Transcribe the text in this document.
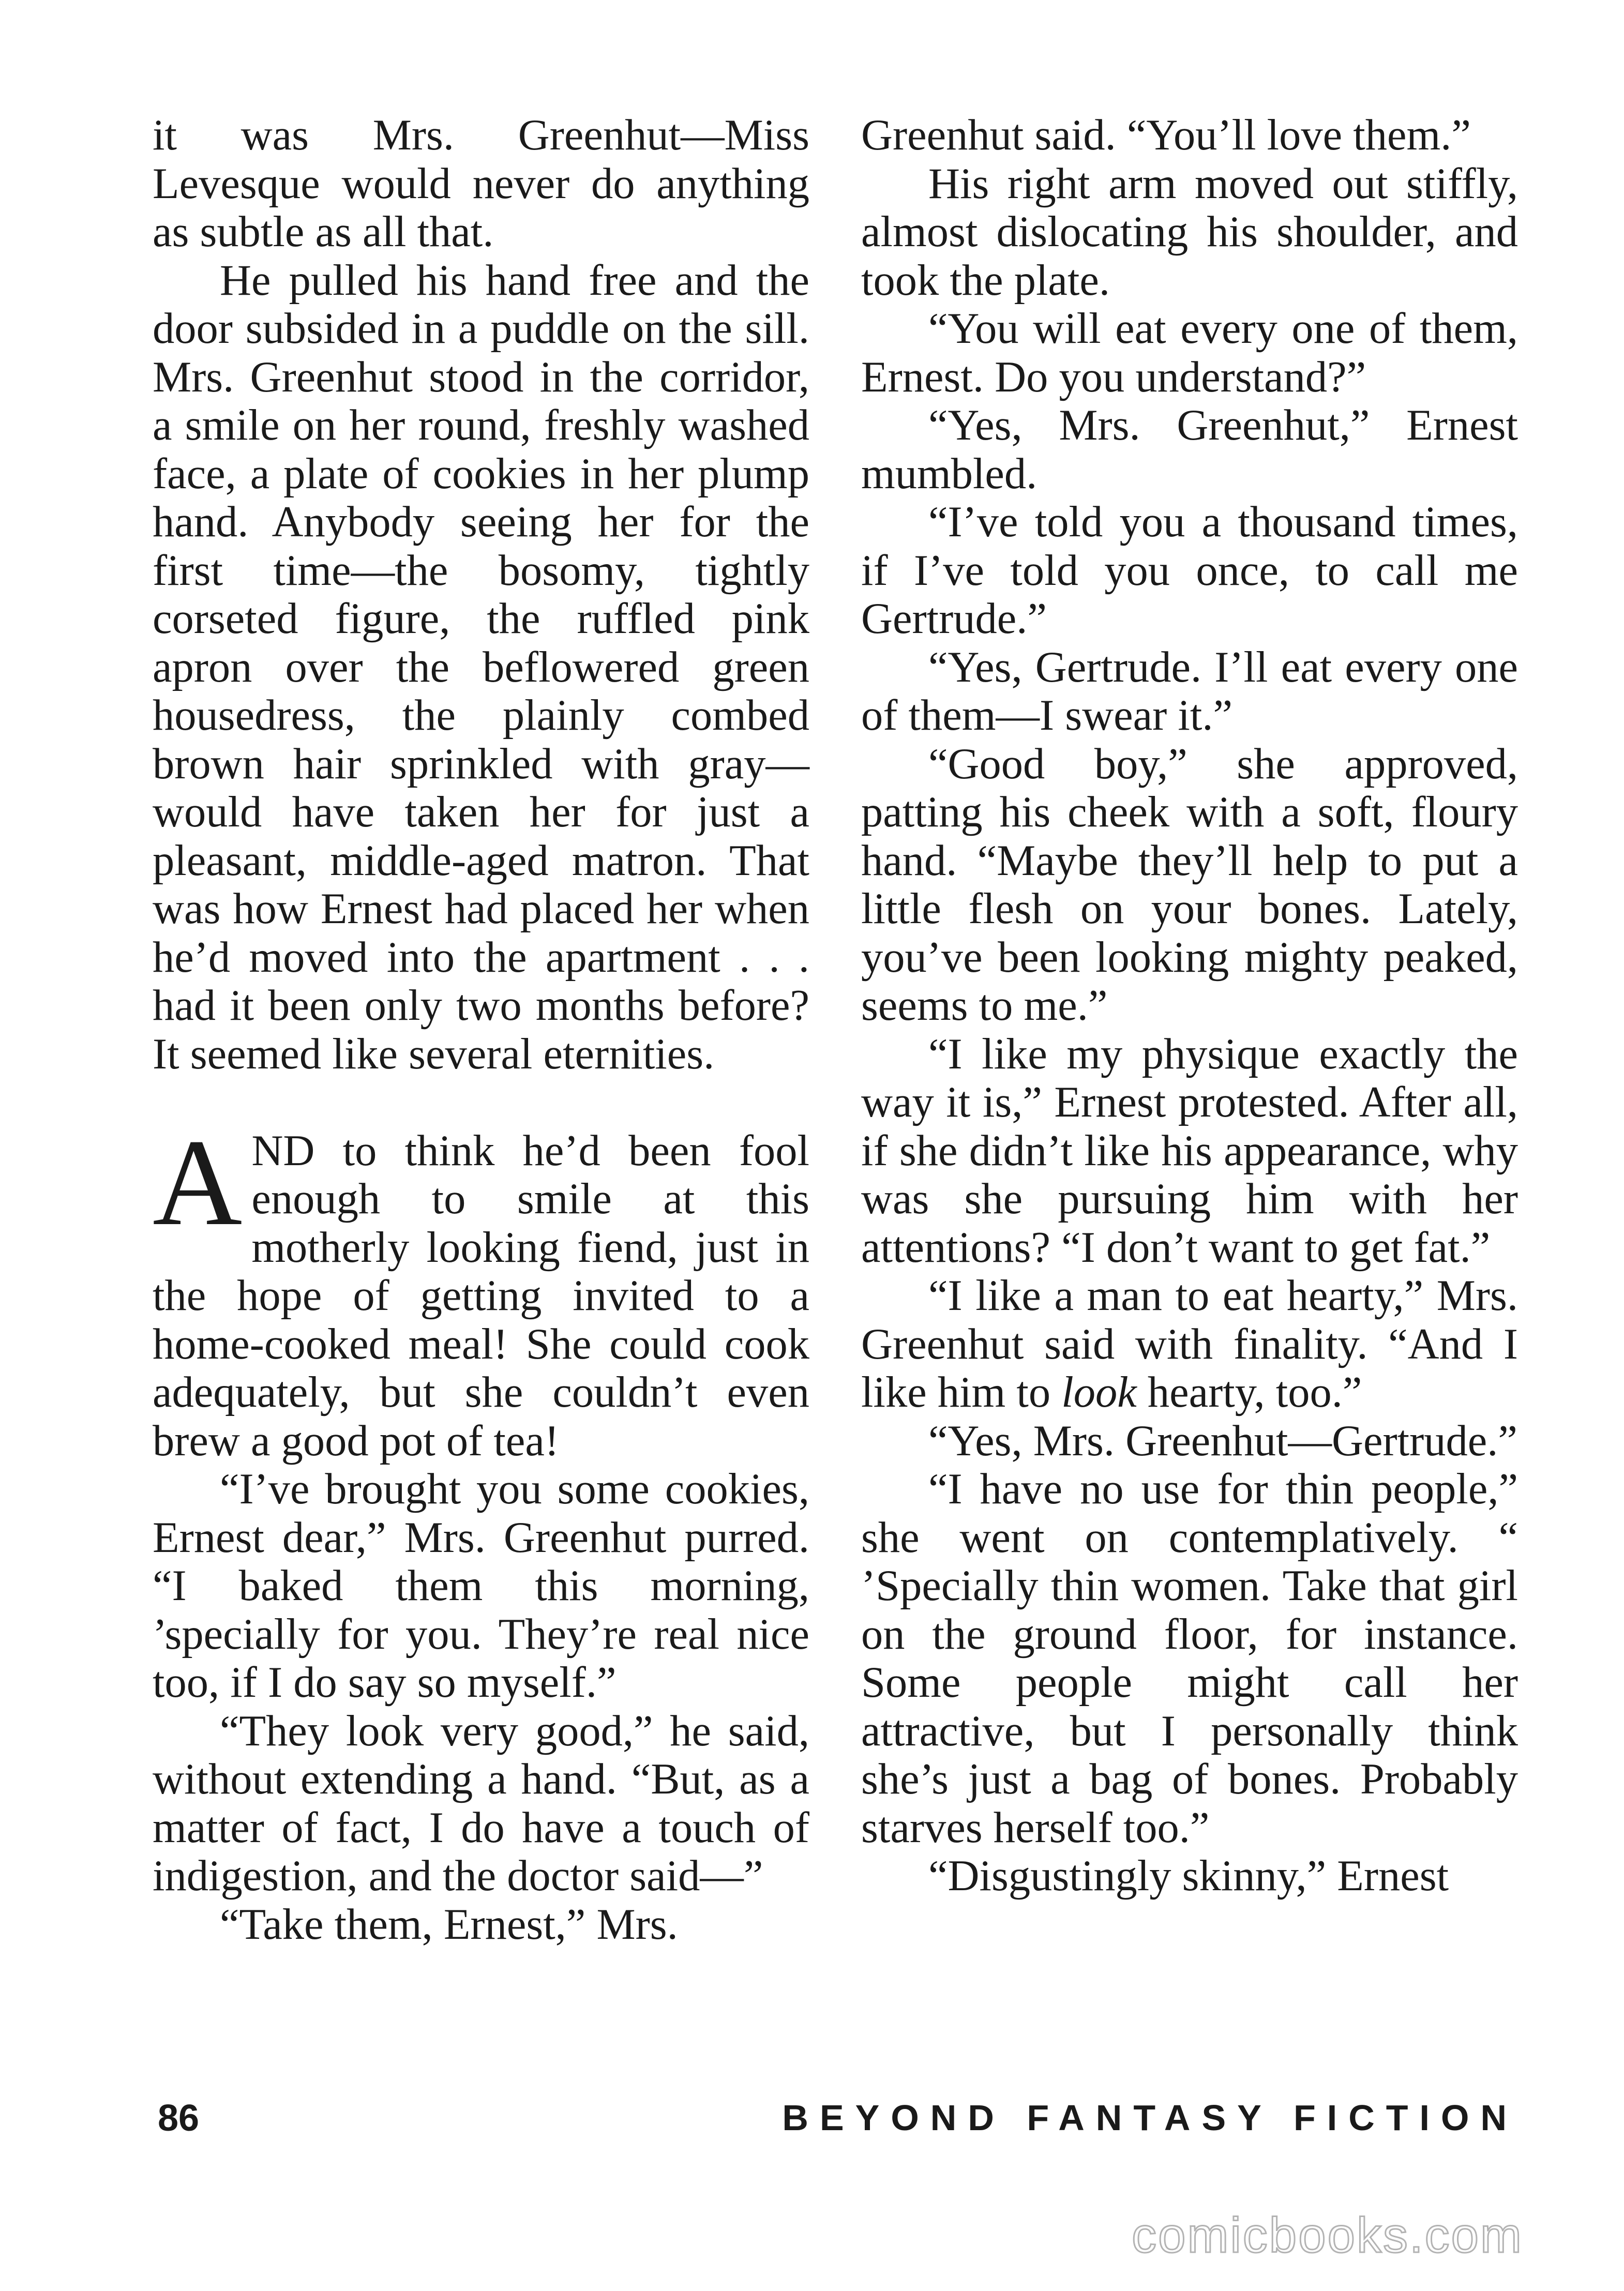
it was Mrs. Greenhut—Miss Levesque would never do anything as subtle as all that.

He pulled his hand free and the door subsided in a puddle on the sill. Mrs. Greenhut stood in the corridor, a smile on her round, freshly washed face, a plate of cookies in her plump hand. Anybody seeing her for the first time—the bosomy, tightly corseted figure, the ruffled pink apron over the beflowered green housedress, the plainly combed brown hair sprinkled with gray—would have taken her for just a pleasant, middle-aged matron. That was how Ernest had placed her when he’d moved into the apartment . . . had it been only two months before? It seemed like several eternities.

AND to think he’d been fool enough to smile at this motherly looking fiend, just in the hope of getting invited to a home-cooked meal! She could cook adequately, but she couldn’t even brew a good pot of tea!

“I’ve brought you some cookies, Ernest dear,” Mrs. Greenhut purred. “I baked them this morning, ’specially for you. They’re real nice too, if I do say so myself.”

“They look very good,” he said, without extending a hand. “But, as a matter of fact, I do have a touch of indigestion, and the doctor said—”

“Take them, Ernest,” Mrs.

Greenhut said. “You’ll love them.”

His right arm moved out stiffly, almost dislocating his shoulder, and took the plate.

“You will eat every one of them, Ernest. Do you understand?”

“Yes, Mrs. Greenhut,” Ernest mumbled.

“I’ve told you a thousand times, if I’ve told you once, to call me Gertrude.”

“Yes, Gertrude. I’ll eat every one of them—I swear it.”

“Good boy,” she approved, patting his cheek with a soft, floury hand. “Maybe they’ll help to put a little flesh on your bones. Lately, you’ve been looking mighty peaked, seems to me.”

“I like my physique exactly the way it is,” Ernest protested. After all, if she didn’t like his appearance, why was she pursuing him with her attentions? “I don’t want to get fat.”

“I like a man to eat hearty,” Mrs. Greenhut said with finality. “And I like him to look hearty, too.”

“Yes, Mrs. Greenhut—Gertrude.”

“I have no use for thin people,” she went on contemplatively. “ ’Specially thin women. Take that girl on the ground floor, for instance. Some people might call her attractive, but I personally think she’s just a bag of bones. Probably starves herself too.”

“Disgustingly skinny,” Ernest

86	BEYOND FANTASY FICTION
comicbooks.com
